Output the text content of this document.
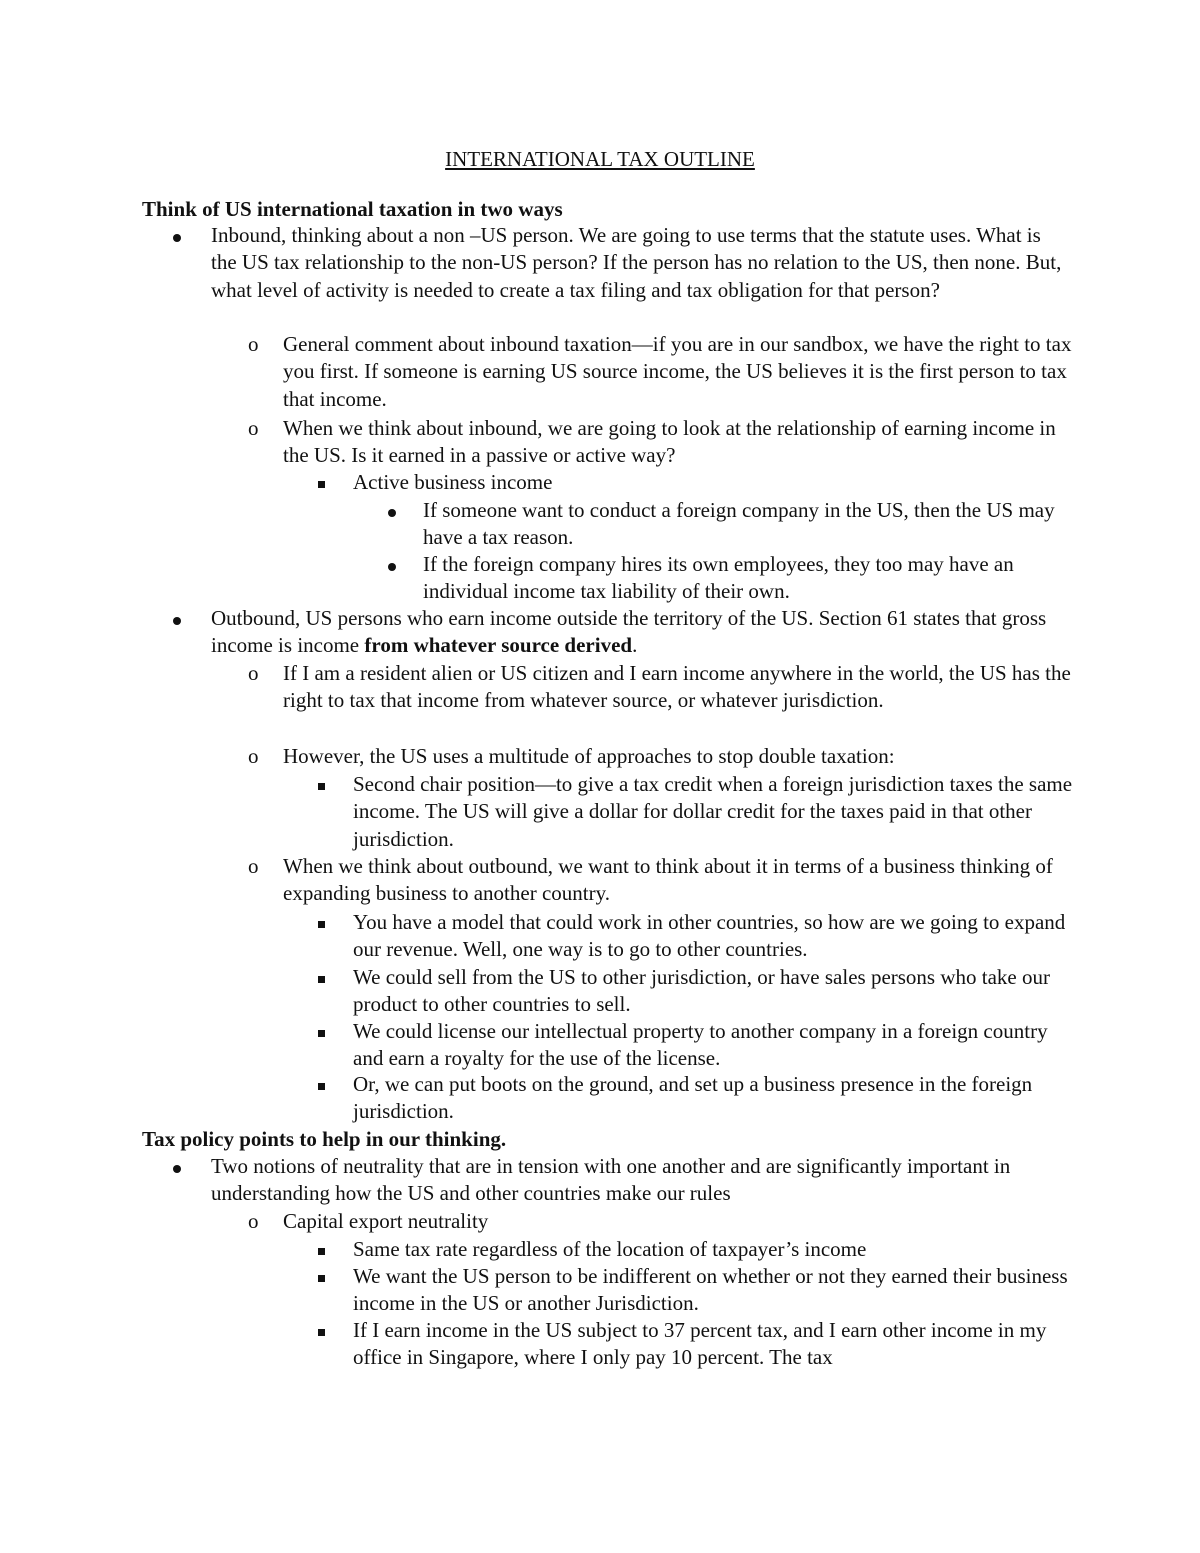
INTERNATIONAL TAX OUTLINE
Think of US international taxation in two ways
Inbound, thinking about a non –US person. We are going to use terms that the statute uses. What is the US tax relationship to the non-US person? If the person has no relation to the US, then none. But, what level of activity is needed to create a tax filing and tax obligation for that person?
o General comment about inbound taxation—if you are in our sandbox, we have the right to tax you first. If someone is earning US source income, the US believes it is the first person to tax that income.
o When we think about inbound, we are going to look at the relationship of earning income in the US. Is it earned in a passive or active way?
Active business income
If someone want to conduct a foreign company in the US, then the US may have a tax reason.
If the foreign company hires its own employees, they too may have an individual income tax liability of their own.
Outbound, US persons who earn income outside the territory of the US. Section 61 states that gross income is income from whatever source derived.
o If I am a resident alien or US citizen and I earn income anywhere in the world, the US has the right to tax that income from whatever source, or whatever jurisdiction.
o However, the US uses a multitude of approaches to stop double taxation:
Second chair position—to give a tax credit when a foreign jurisdiction taxes the same income. The US will give a dollar for dollar credit for the taxes paid in that other jurisdiction.
o When we think about outbound, we want to think about it in terms of a business thinking of expanding business to another country.
You have a model that could work in other countries, so how are we going to expand our revenue. Well, one way is to go to other countries.
We could sell from the US to other jurisdiction, or have sales persons who take our product to other countries to sell.
We could license our intellectual property to another company in a foreign country and earn a royalty for the use of the license.
Or, we can put boots on the ground, and set up a business presence in the foreign jurisdiction.
Tax policy points to help in our thinking.
Two notions of neutrality that are in tension with one another and are significantly important in understanding how the US and other countries make our rules
o Capital export neutrality
Same tax rate regardless of the location of taxpayer’s income
We want the US person to be indifferent on whether or not they earned their business income in the US or another Jurisdiction.
If I earn income in the US subject to 37 percent tax, and I earn other income in my office in Singapore, where I only pay 10 percent. The tax
